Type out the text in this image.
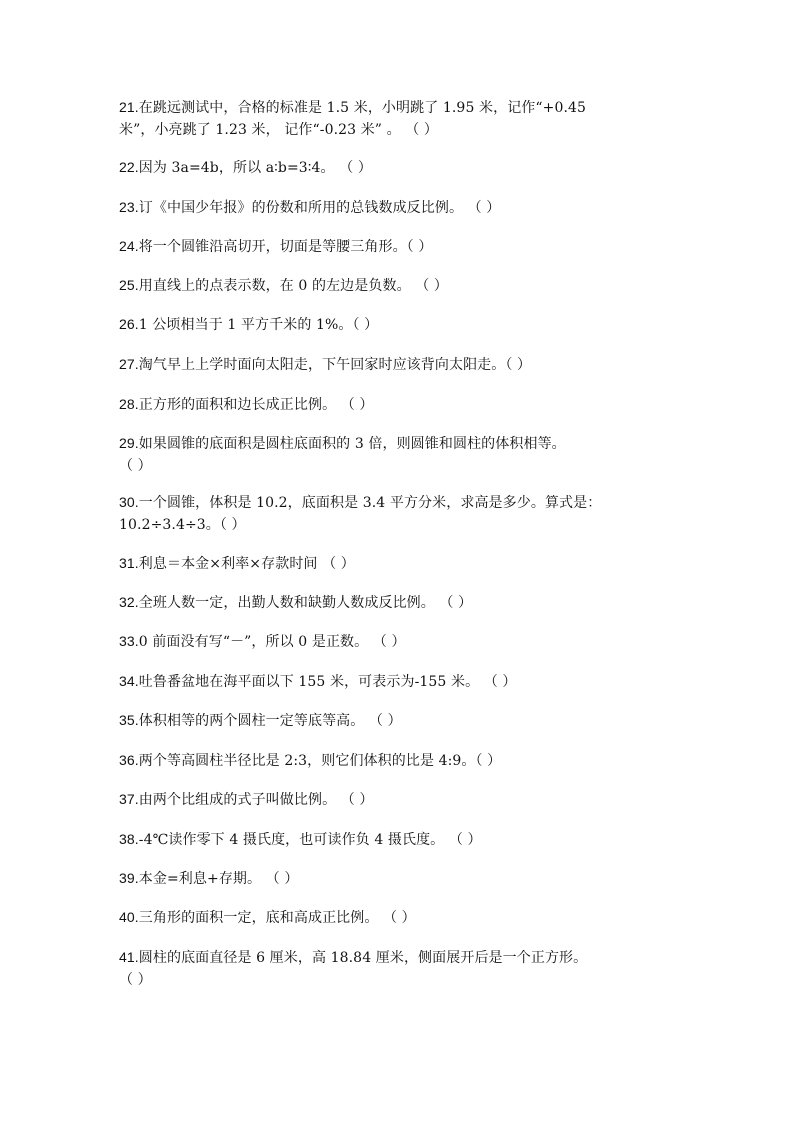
21.在跳远测试中，合格的标准是 1.5 米，小明跳了 1.95 米，记作“+0.45
米”，小亮跳了 1.23 米， 记作“-0.23 米” 。 （ ）
22.因为 3a=4b，所以 a∶b=3∶4。 （ ）
23.订《中国少年报》的份数和所用的总钱数成反比例。 （ ）
24.将一个圆锥沿高切开，切面是等腰三角形。（ ）
25.用直线上的点表示数，在 0 的左边是负数。 （ ）
26.1 公顷相当于 1 平方千米的 1%。（ ）
27.淘气早上上学时面向太阳走，下午回家时应该背向太阳走。（ ）
28.正方形的面积和边长成正比例。 （ ）
29.如果圆锥的底面积是圆柱底面积的 3 倍，则圆锥和圆柱的体积相等。
（ ）
30.一个圆锥，体积是 10.2，底面积是 3.4 平方分米，求高是多少。算式是：
10.2÷3.4÷3。（ ）
31.利息＝本金×利率×存款时间 （ ）
32.全班人数一定，出勤人数和缺勤人数成反比例。 （ ）
33.0 前面没有写“－”，所以 0 是正数。 （ ）
34.吐鲁番盆地在海平面以下 155 米，可表示为-155 米。 （ ）
35.体积相等的两个圆柱一定等底等高。 （ ）
36.两个等高圆柱半径比是 2:3，则它们体积的比是 4:9。（ ）
37.由两个比组成的式子叫做比例。 （ ）
38.-4℃读作零下 4 摄氏度，也可读作负 4 摄氏度。 （ ）
39.本金=利息+存期。 （ ）
40.三角形的面积一定，底和高成正比例。 （ ）
41.圆柱的底面直径是 6 厘米，高 18.84 厘米，侧面展开后是一个正方形。
（ ）
